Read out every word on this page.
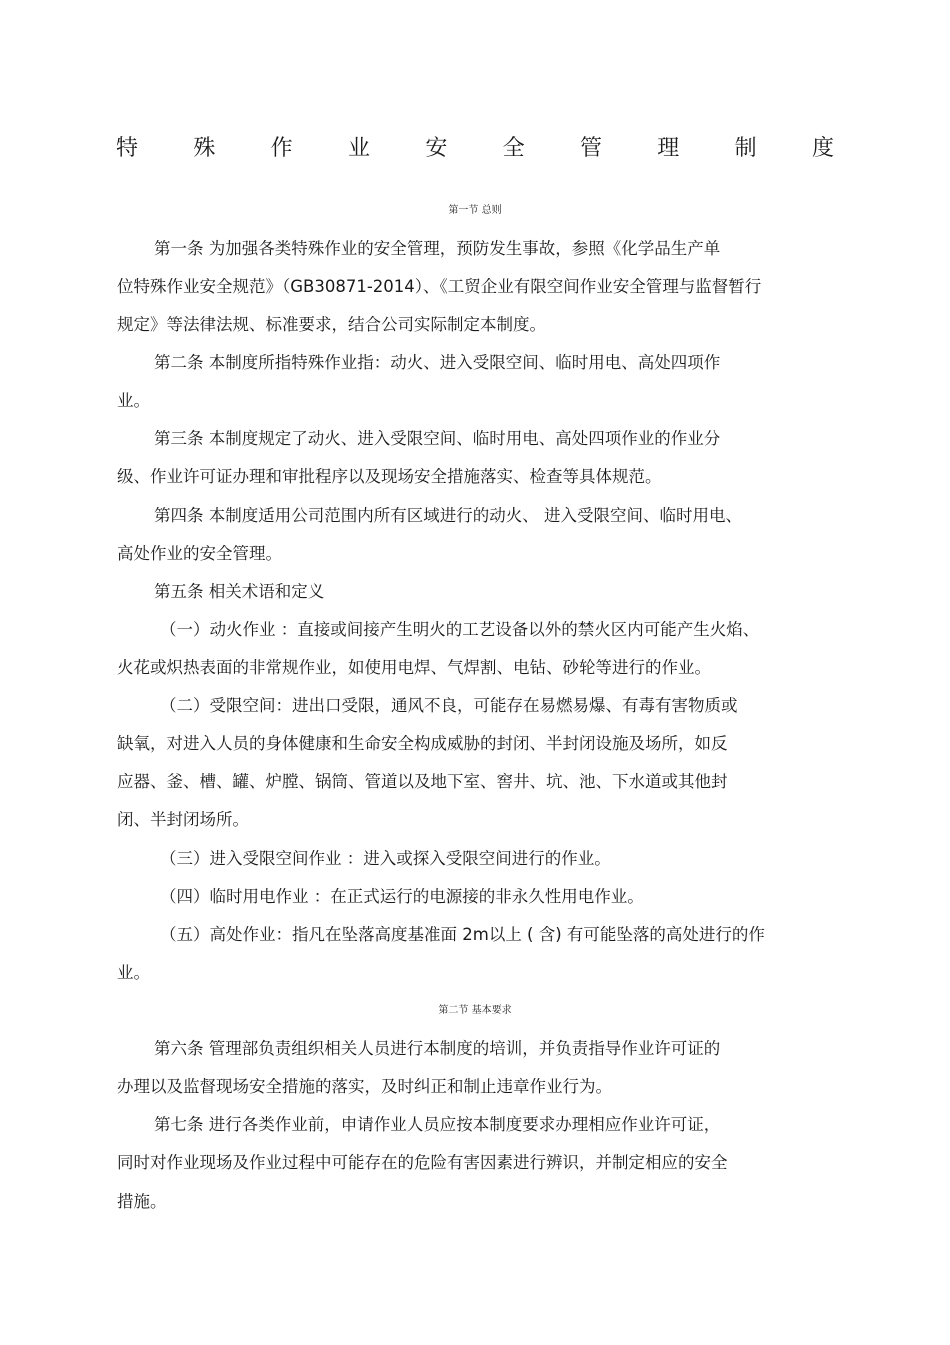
特	殊	作	业	安	全	管	理	制	度

第一节 总则

第一条 为加强各类特殊作业的安全管理，预防发生事故，参照《化学品生产单

位特殊作业安全规范》（GB30871-2014）、《工贸企业有限空间作业安全管理与监督暂行

规定》等法律法规、标准要求，结合公司实际制定本制度。

第二条 本制度所指特殊作业指：动火、进入受限空间、临时用电、高处四项作

业。

第三条 本制度规定了动火、进入受限空间、临时用电、高处四项作业的作业分

级、作业许可证办理和审批程序以及现场安全措施落实、检查等具体规范。

第四条 本制度适用公司范围内所有区域进行的动火、 进入受限空间、临时用电、

高处作业的安全管理。

第五条 相关术语和定义

（一）动火作业 ：直接或间接产生明火的工艺设备以外的禁火区内可能产生火焰、

火花或炽热表面的非常规作业，如使用电焊、气焊割、电钻、砂轮等进行的作业。

（二）受限空间：进出口受限，通风不良，可能存在易燃易爆、有毒有害物质或

缺氧，对进入人员的身体健康和生命安全构成威胁的封闭、半封闭设施及场所，如反

应器、釜、槽、罐、炉膛、锅筒、管道以及地下室、窖井、坑、池、下水道或其他封

闭、半封闭场所。

（三）进入受限空间作业 ：进入或探入受限空间进行的作业。

（四）临时用电作业 ：在正式运行的电源接的非永久性用电作业。

（五）高处作业：指凡在坠落高度基准面 2m以上 ( 含) 有可能坠落的高处进行的作

业。

第二节 基本要求

第六条 管理部负责组织相关人员进行本制度的培训，并负责指导作业许可证的

办理以及监督现场安全措施的落实，及时纠正和制止违章作业行为。

第七条 进行各类作业前，申请作业人员应按本制度要求办理相应作业许可证，

同时对作业现场及作业过程中可能存在的危险有害因素进行辨识，并制定相应的安全

措施。
